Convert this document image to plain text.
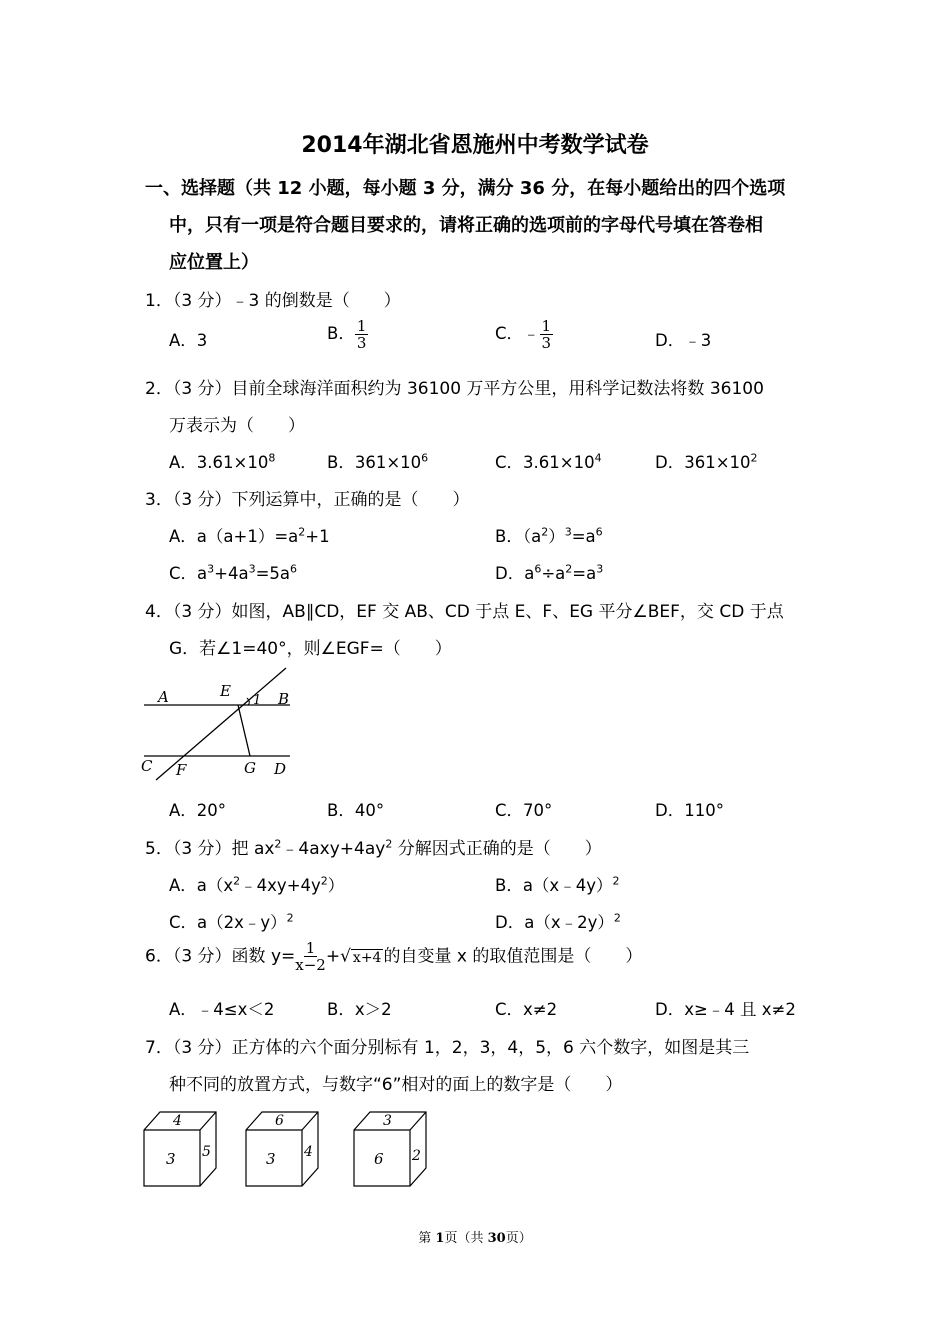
2014年湖北省恩施州中考数学试卷
一、选择题（共 12 小题，每小题 3 分，满分 36 分，在每小题给出的四个选项
中，只有一项是符合题目要求的，请将正确的选项前的字母代号填在答卷相
应位置上）
1．（3 分）﹣3 的倒数是（　　）
A．3	B． $\frac{1}{3}$	C．﹣ $\frac{1}{3}$	D．﹣3
2．（3 分）目前全球海洋面积约为 36100 万平方公里，用科学记数法将数 36100
万表示为（　　）
A．$3.61\times 10^8$	B．$361\times 10^6$	C．$3.61\times 10^4$	D．$361\times 10^2$
3．（3 分）下列运算中，正确的是（　　）
A．$a(a+1)=a^2+1$	B．$(a^2)^3=a^6$
C．$a^3+4a^3=5a^6$	D．$a^6\div a^2=a^3$
4．（3 分）如图，AB∥CD，EF 交 AB、CD 于点 E、F、EG 平分∠BEF，交 CD 于点
G．若∠1=40°，则∠EGF=（　　）
A	E
1 B
C F	G D
A．20°	B．40°	C．70°	D．110°
5．（3 分）把 $ax^2﹣4axy+4ay^2$ 分解因式正确的是（　　）
A．$a(x^2﹣4xy+4y^2)$	B．a（x﹣4y）$^2$
C．a（2x﹣y）$^2$	D．a（x﹣2y）$^2$
6．（3 分）函数 $y= \frac{1}{x-2}$ +√ x+4 的自变量 x 的取值范围是（　　）
A．﹣4≤x＜2	B．x＞2	C．x≠2	D．x≥﹣4 且 x≠2
7．（3 分）正方体的六个面分别标有 1，2，3，4，5，6 六个数字，如图是其三
种不同的放置方式，与数字“6”相对的面上的数字是（　　）
4
3 5
6
3 4
3
6 2
第 1页（共 30页）
